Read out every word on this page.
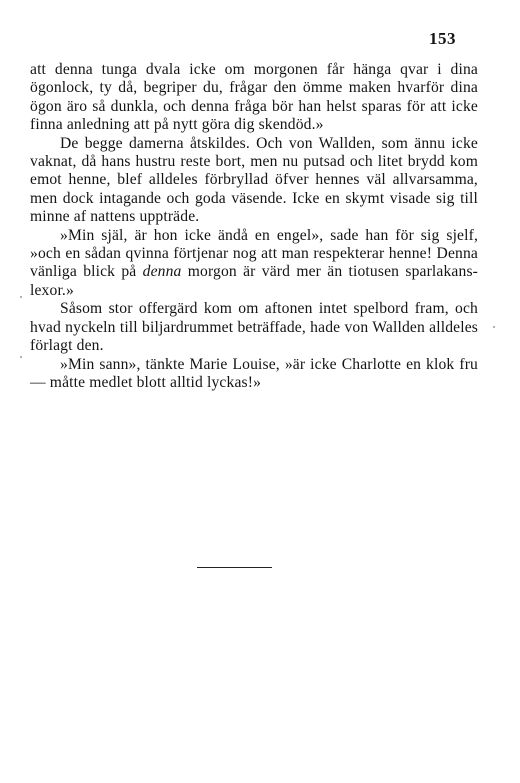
153

att denna tunga dvala icke om morgonen får hänga qvar i dina ögonlock, ty då, begriper du, frågar den ömme maken hvarför dina ögon äro så dunkla, och denna fråga bör han helst sparas för att icke finna anledning att på nytt göra dig skendöd.»

De begge damerna åtskildes. Och von Wallden, som ännu icke vaknat, då hans hustru reste bort, men nu putsad och litet brydd kom emot henne, blef alldeles förbryllad öfver hennes väl allvarsamma, men dock intagande och goda väsende. Icke en skymt visade sig till minne af nattens uppträde.

»Min själ, är hon icke ändå en engel», sade han för sig sjelf, »och en sådan qvinna förtjenar nog att man respekterar henne! Denna vänliga blick på denna morgon är värd mer än tiotusen sparlakans-lexor.»

Såsom stor offergärd kom om aftonen intet spelbord fram, och hvad nyckeln till biljardrummet beträffade, hade von Wallden alldeles förlagt den.

»Min sann», tänkte Marie Louise, »är icke Charlotte en klok fru — måtte medlet blott alltid lyckas!»
